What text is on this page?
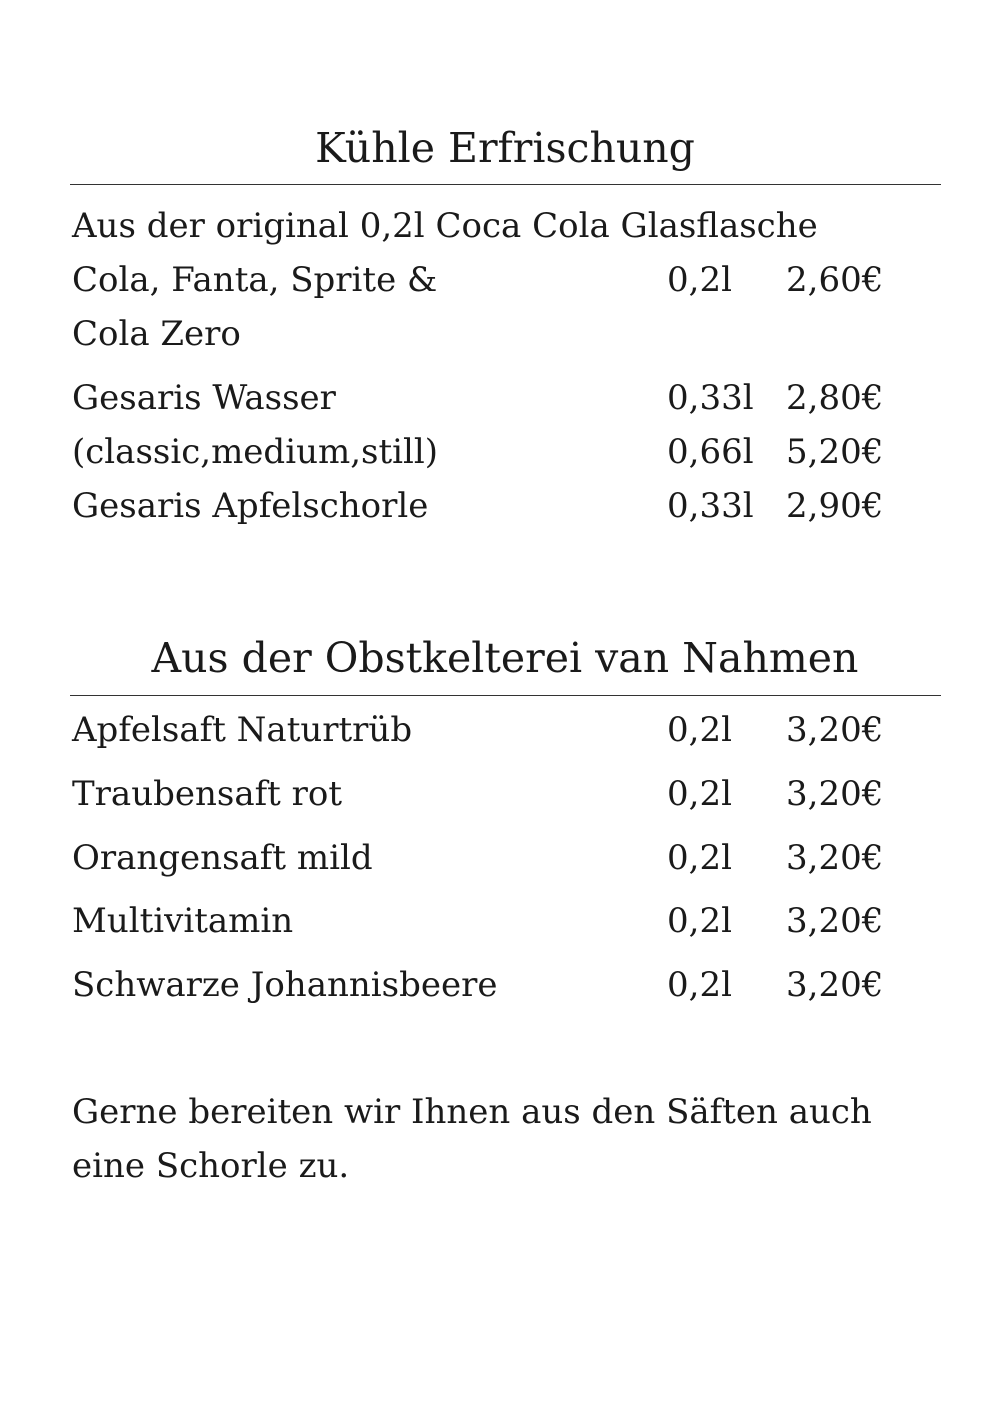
Kühle Erfrischung
Aus der original 0,2l Coca Cola Glasflasche
Cola, Fanta, Sprite &	0,2l 2,60€
Cola Zero
Gesaris Wasser	0,33l 2,80€
(classic,medium,still)	0,66l 5,20€
Gesaris Apfelschorle	0,33l 2,90€
Aus der Obstkelterei van Nahmen
Apfelsaft Naturtrüb	0,2l 3,20€
Traubensaft rot	0,2l 3,20€
Orangensaft mild	0,2l 3,20€
Multivitamin	0,2l 3,20€
Schwarze Johannisbeere	0,2l 3,20€
Gerne bereiten wir Ihnen aus den Säften auch
eine Schorle zu.
